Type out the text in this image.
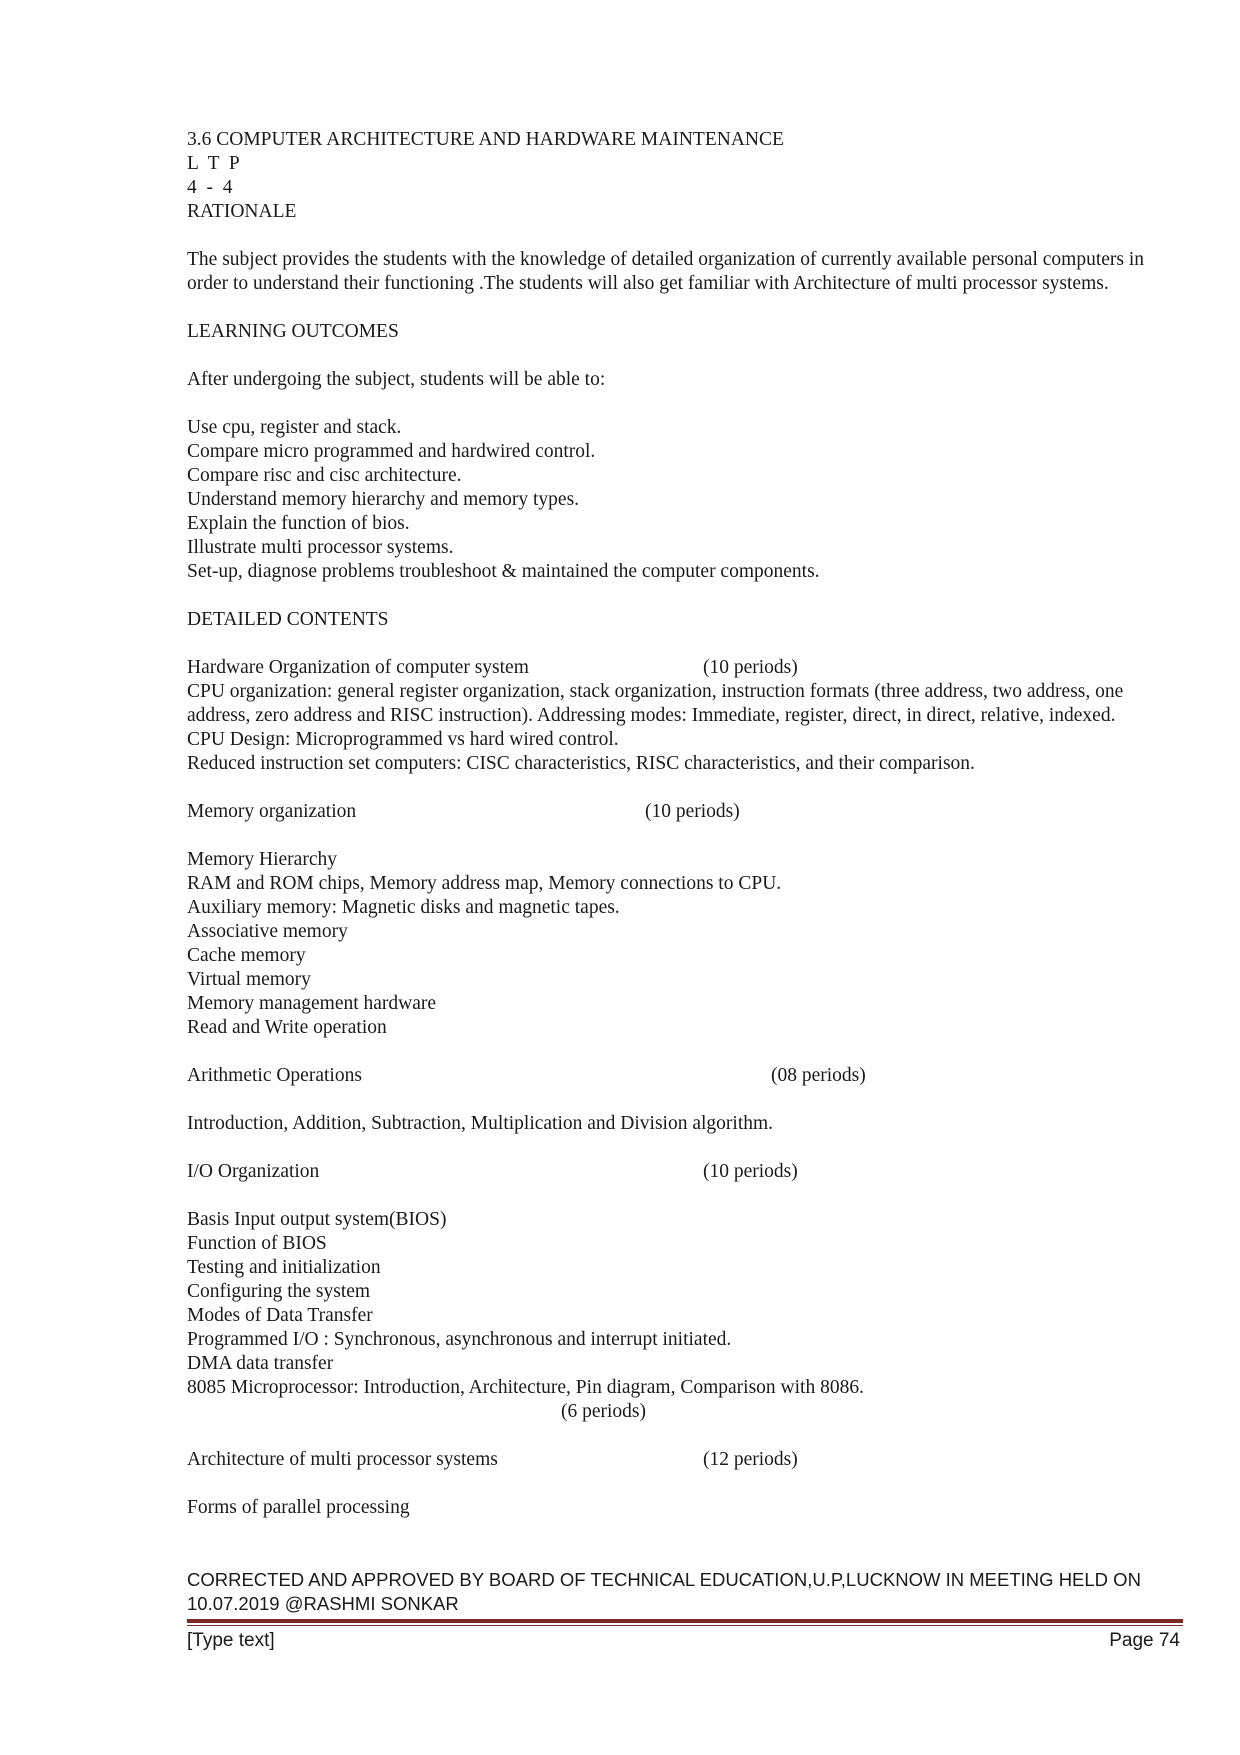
3.6 COMPUTER ARCHITECTURE AND HARDWARE MAINTENANCE
L  T  P
4  -  4
RATIONALE
The subject provides the students with the knowledge of detailed organization of currently available personal computers in order to understand their functioning .The students will also get familiar with Architecture of multi processor systems.
LEARNING OUTCOMES
After undergoing the subject, students will be able to:
Use cpu, register and stack.
Compare micro programmed and hardwired control.
Compare risc and cisc architecture.
Understand memory hierarchy and memory types.
Explain the function of bios.
Illustrate multi processor systems.
Set-up, diagnose problems troubleshoot & maintained the computer components.
DETAILED CONTENTS
Hardware Organization of computer system	(10 periods)
CPU organization: general register organization, stack organization, instruction formats (three address, two address, one address, zero address and RISC instruction). Addressing modes: Immediate, register, direct, in direct, relative, indexed.
CPU Design: Microprogrammed vs hard wired control.
Reduced instruction set computers: CISC characteristics, RISC characteristics, and their comparison.
Memory organization	(10 periods)
Memory Hierarchy
RAM and ROM chips, Memory address map, Memory connections to CPU.
Auxiliary memory: Magnetic disks and magnetic tapes.
Associative memory
Cache memory
Virtual memory
Memory management hardware
Read and Write operation
Arithmetic Operations	(08 periods)
Introduction, Addition, Subtraction, Multiplication and Division algorithm.
I/O Organization	(10 periods)
Basis Input output system(BIOS)
Function of BIOS
Testing and initialization
Configuring the system
Modes of Data Transfer
Programmed I/O : Synchronous, asynchronous and interrupt initiated.
DMA data transfer
8085 Microprocessor: Introduction, Architecture, Pin diagram, Comparison with 8086.
(6 periods)
Architecture of multi processor systems	(12 periods)
Forms of parallel processing
CORRECTED AND APPROVED BY BOARD OF TECHNICAL EDUCATION,U.P,LUCKNOW IN MEETING HELD ON 10.07.2019 @RASHMI SONKAR
[Type text]	Page 74
